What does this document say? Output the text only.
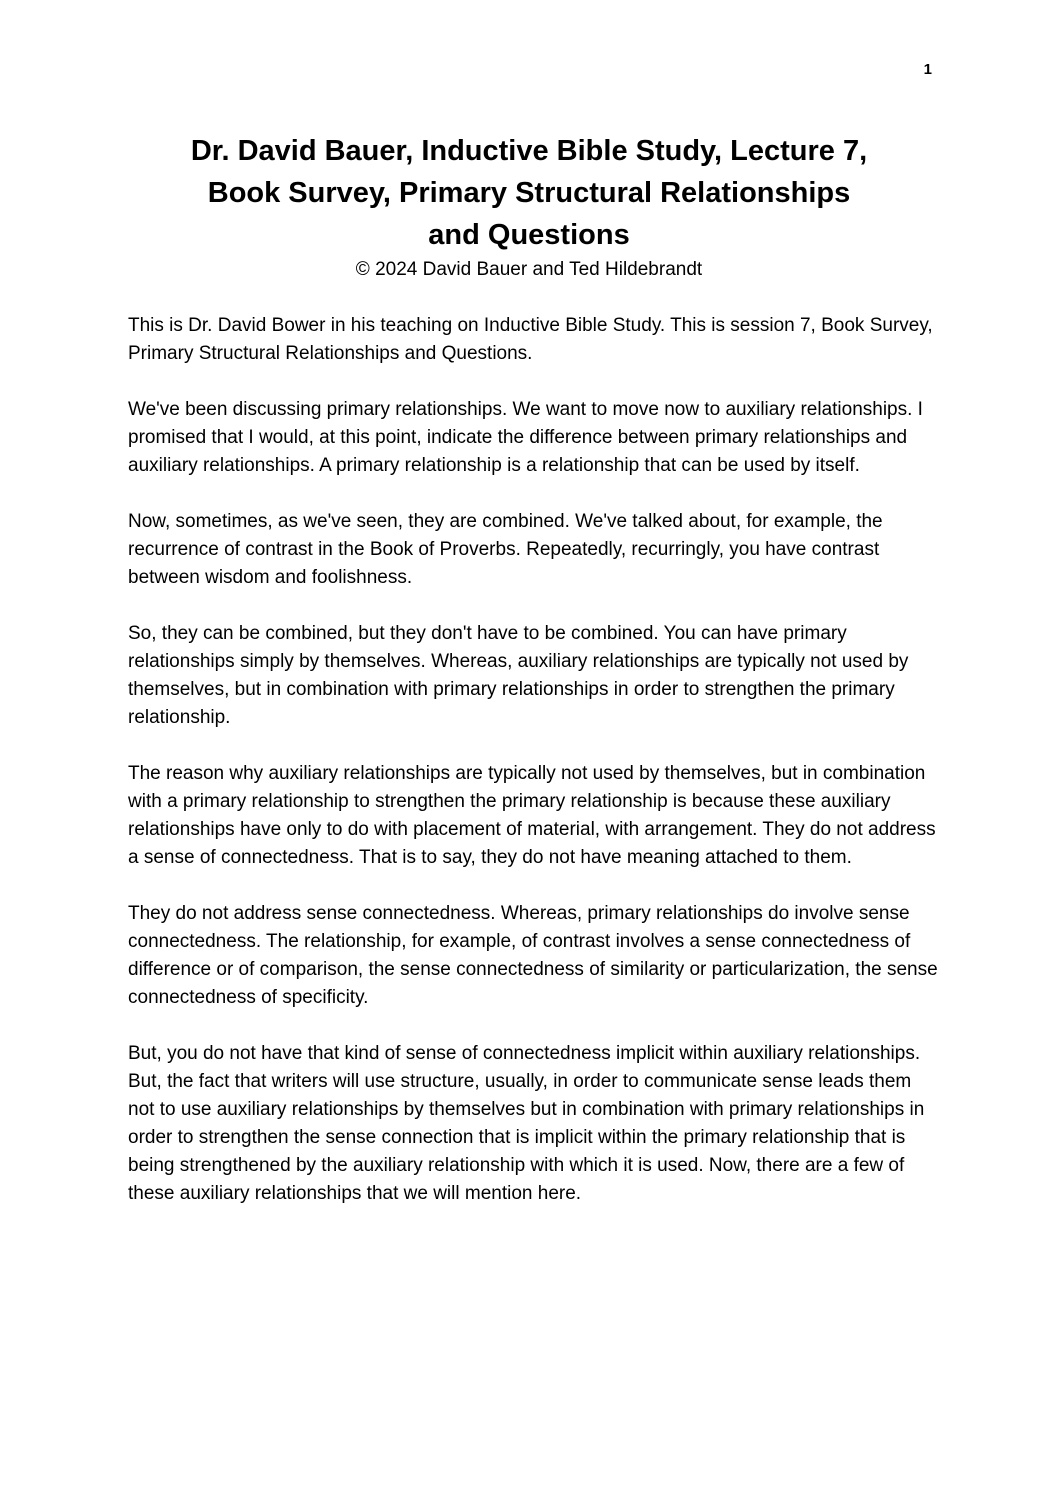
1
Dr. David Bauer, Inductive Bible Study, Lecture 7,
Book Survey, Primary Structural Relationships
and Questions
© 2024 David Bauer and Ted Hildebrandt

This is Dr. David Bower in his teaching on Inductive Bible Study. This is session 7, Book Survey, Primary Structural Relationships and Questions.

We've been discussing primary relationships. We want to move now to auxiliary relationships. I promised that I would, at this point, indicate the difference between primary relationships and auxiliary relationships. A primary relationship is a relationship that can be used by itself.

Now, sometimes, as we've seen, they are combined. We've talked about, for example, the recurrence of contrast in the Book of Proverbs. Repeatedly, recurringly, you have contrast between wisdom and foolishness.

So, they can be combined, but they don't have to be combined. You can have primary relationships simply by themselves. Whereas, auxiliary relationships are typically not used by themselves, but in combination with primary relationships in order to strengthen the primary relationship.

The reason why auxiliary relationships are typically not used by themselves, but in combination with a primary relationship to strengthen the primary relationship is because these auxiliary relationships have only to do with placement of material, with arrangement. They do not address a sense of connectedness. That is to say, they do not have meaning attached to them.

They do not address sense connectedness. Whereas, primary relationships do involve sense connectedness. The relationship, for example, of contrast involves a sense connectedness of difference or of comparison, the sense connectedness of similarity or particularization, the sense connectedness of specificity.

But, you do not have that kind of sense of connectedness implicit within auxiliary relationships. But, the fact that writers will use structure, usually, in order to communicate sense leads them not to use auxiliary relationships by themselves but in combination with primary relationships in order to strengthen the sense connection that is implicit within the primary relationship that is being strengthened by the auxiliary relationship with which it is used. Now, there are a few of these auxiliary relationships that we will mention here.
